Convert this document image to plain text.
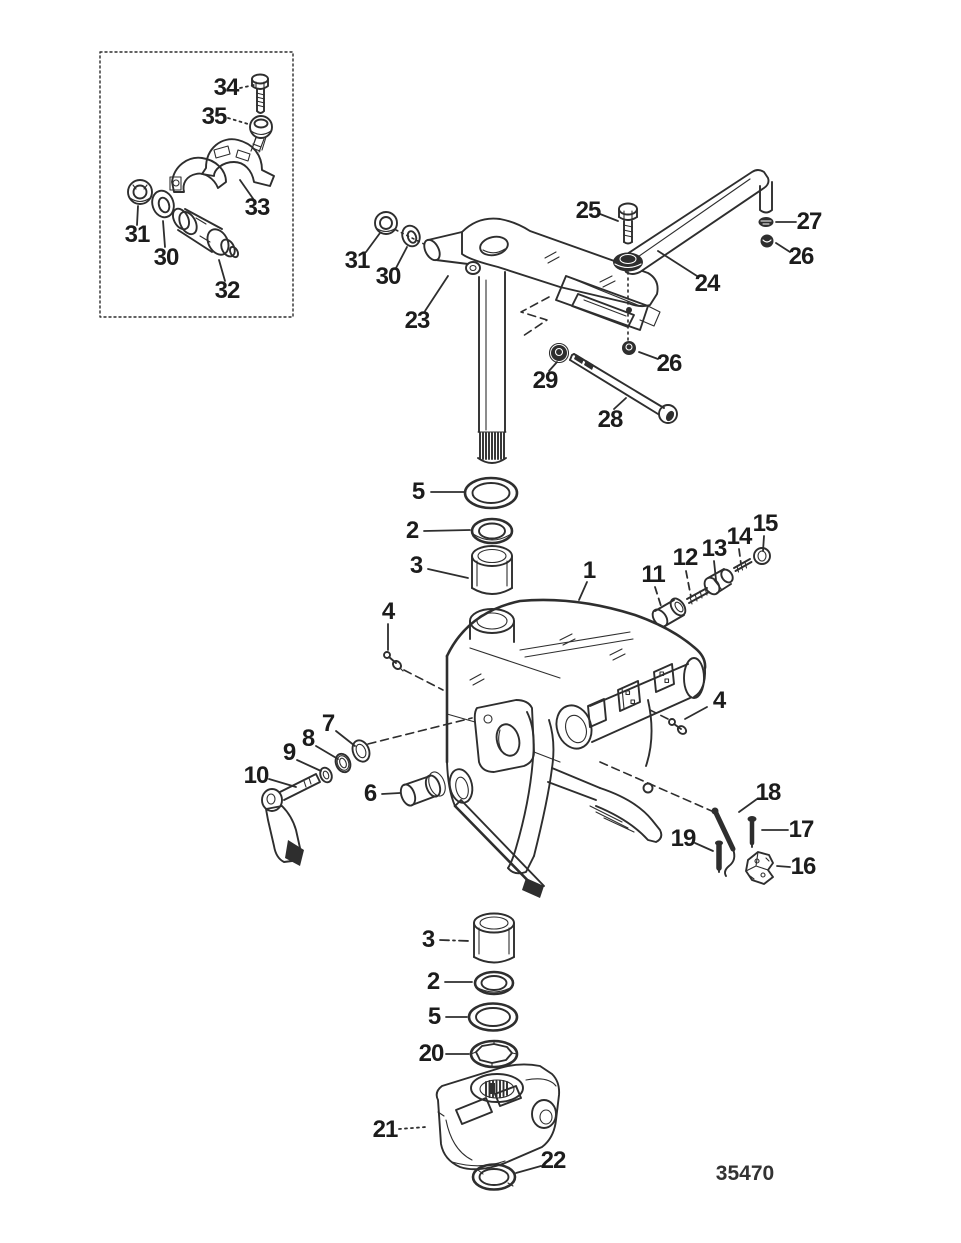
34
35
33
31
30
32
31
30
23
25
24
27
26
29
26
28
5
2
3	1 11
12 13 14 15
4
4
7
8
9
10
6	18
17
19
16
3
2
5
20
21
22	35470
